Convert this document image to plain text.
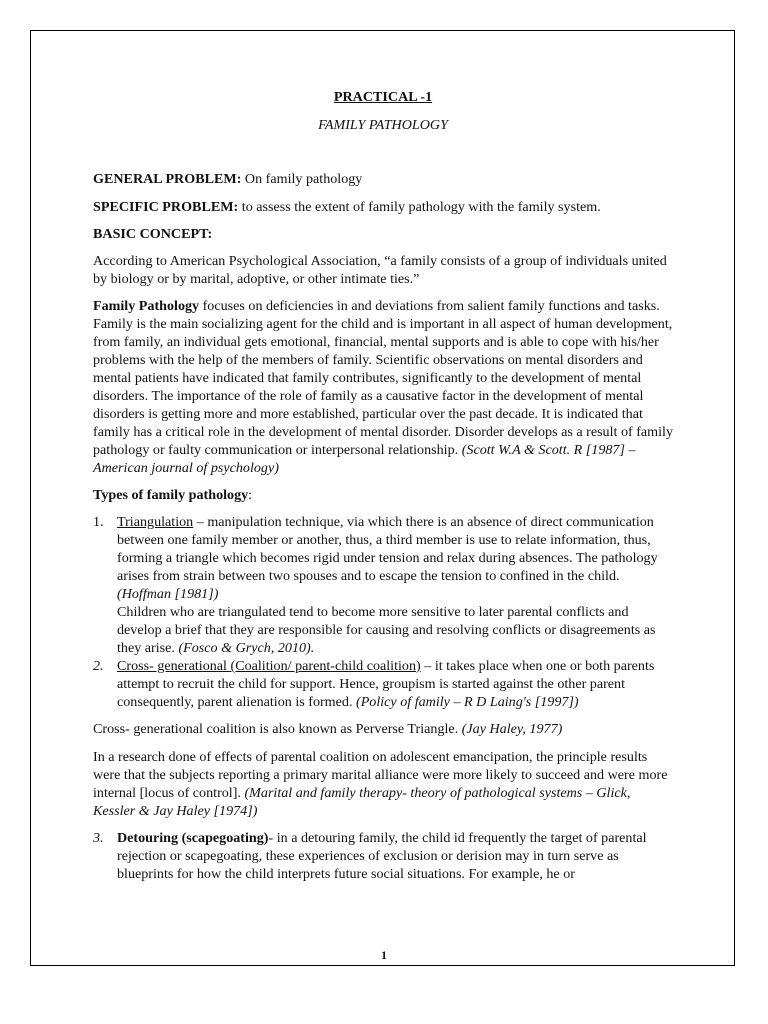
PRACTICAL -1
FAMILY PATHOLOGY

GENERAL PROBLEM: On family pathology

SPECIFIC PROBLEM: to assess the extent of family pathology with the family system.

BASIC CONCEPT:

According to American Psychological Association, “a family consists of a group of individuals united by biology or by marital, adoptive, or other intimate ties.”

Family Pathology focuses on deficiencies in and deviations from salient family functions and tasks. Family is the main socializing agent for the child and is important in all aspect of human development, from family, an individual gets emotional, financial, mental supports and is able to cope with his/her problems with the help of the members of family. Scientific observations on mental disorders and mental patients have indicated that family contributes, significantly to the development of mental disorders. The importance of the role of family as a causative factor in the development of mental disorders is getting more and more established, particular over the past decade. It is indicated that family has a critical role in the development of mental disorder. Disorder develops as a result of family pathology or faulty communication or interpersonal relationship. (Scott W.A & Scott. R [1987] – American journal of psychology)

Types of family pathology:

1. Triangulation – manipulation technique, via which there is an absence of direct communication between one family member or another, thus, a third member is use to relate information, thus, forming a triangle which becomes rigid under tension and relax during absences. The pathology arises from strain between two spouses and to escape the tension to confined in the child. (Hoffman [1981])
Children who are triangulated tend to become more sensitive to later parental conflicts and develop a brief that they are responsible for causing and resolving conflicts or disagreements as they arise. (Fosco & Grych, 2010).
2. Cross- generational (Coalition/ parent-child coalition) – it takes place when one or both parents attempt to recruit the child for support. Hence, groupism is started against the other parent consequently, parent alienation is formed. (Policy of family – R D Laing's [1997])

Cross- generational coalition is also known as Perverse Triangle. (Jay Haley, 1977)

In a research done of effects of parental coalition on adolescent emancipation, the principle results were that the subjects reporting a primary marital alliance were more likely to succeed and were more internal [locus of control]. (Marital and family therapy- theory of pathological systems – Glick, Kessler & Jay Haley [1974])

3. Detouring (scapegoating)- in a detouring family, the child id frequently the target of parental rejection or scapegoating, these experiences of exclusion or derision may in turn serve as blueprints for how the child interprets future social situations. For example, he or
1
